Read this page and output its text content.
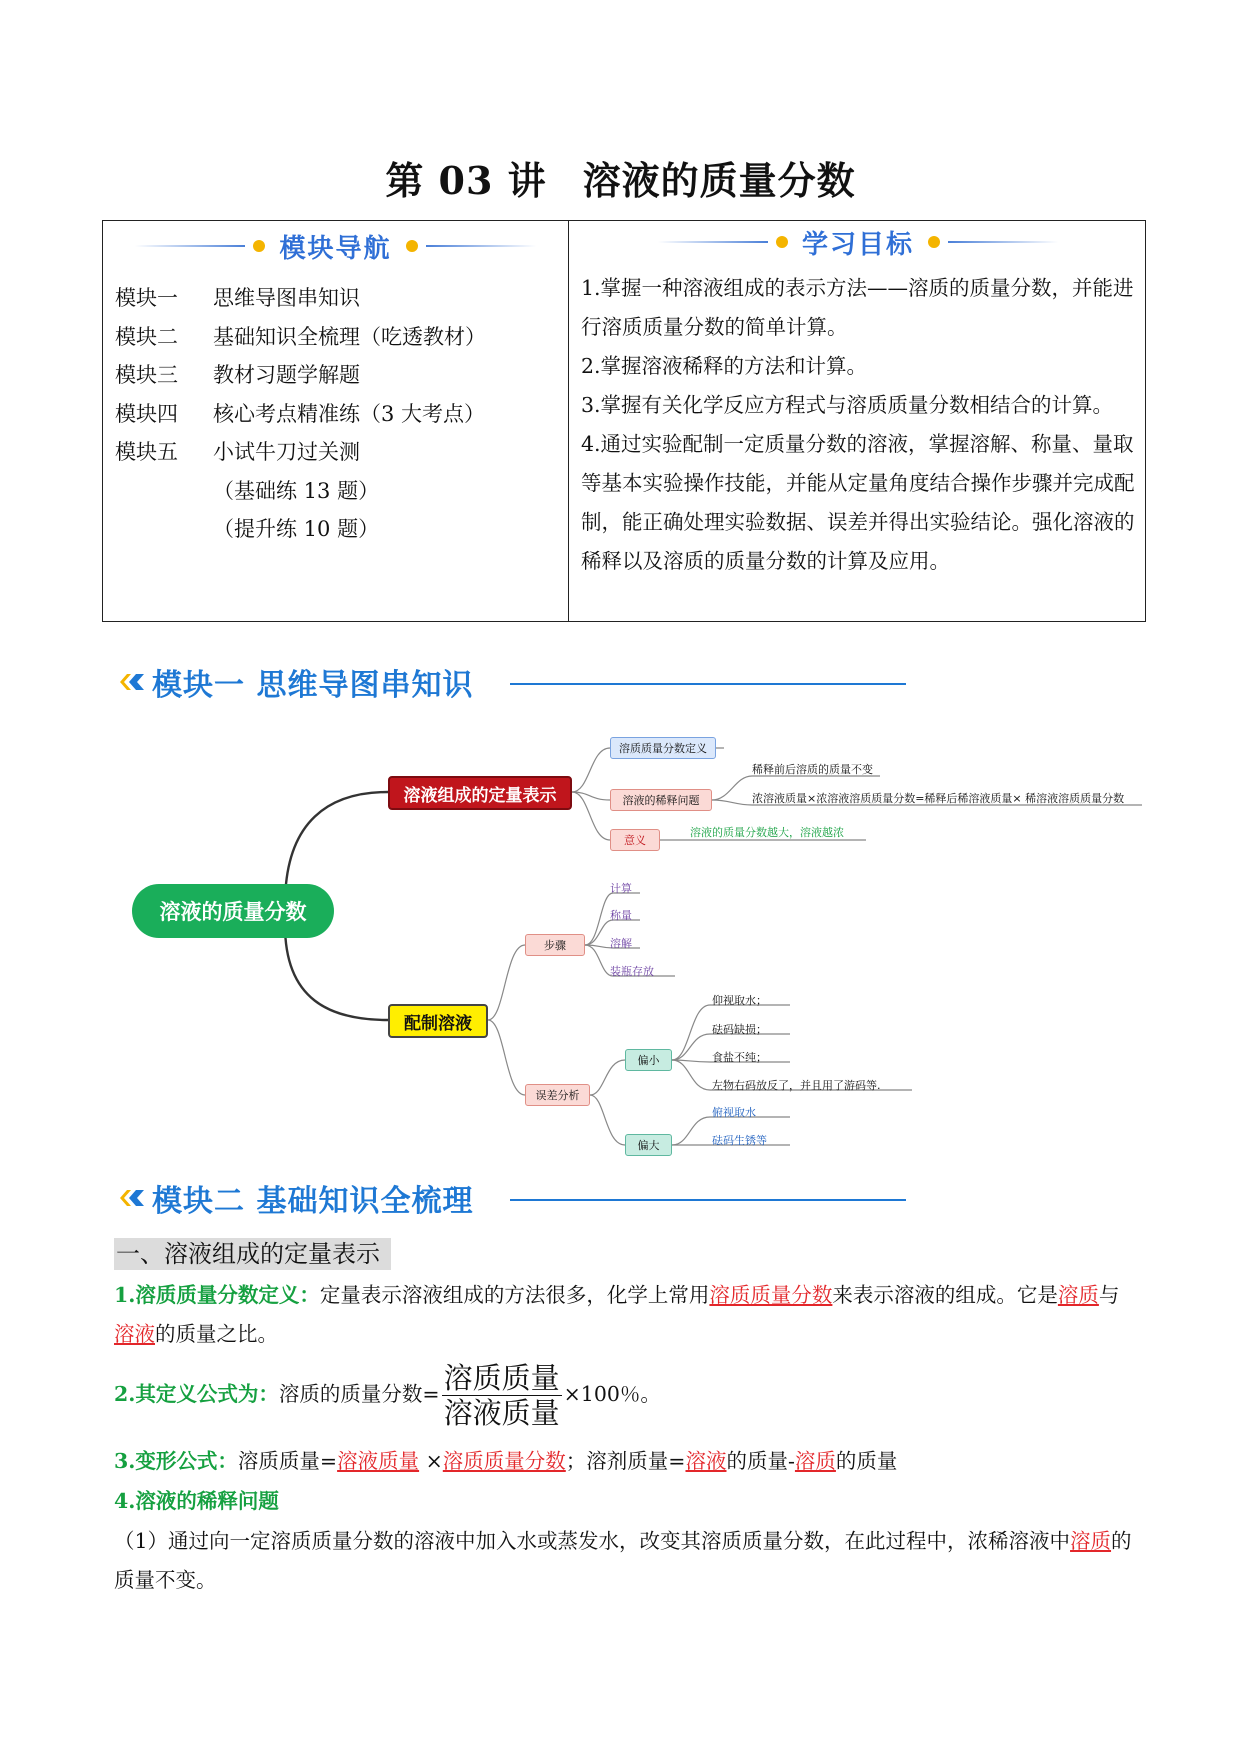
第 03 讲 溶液的质量分数
模块导航	学习目标
模块一	思维导图串知识
模块二	基础知识全梳理（吃透教材）
模块三	教材习题学解题
模块四	核心考点精准练（3 大考点）
模块五	小试牛刀过关测
（基础练 13 题）
（提升练 10 题）
1.掌握一种溶液组成的表示方法——溶质的质量分数，并能进行溶质质量分数的简单计算。
2.掌握溶液稀释的方法和计算。
3.掌握有关化学反应方程式与溶质质量分数相结合的计算。
4.通过实验配制一定质量分数的溶液，掌握溶解、称量、量取等基本实验操作技能，并能从定量角度结合操作步骤并完成配制，能正确处理实验数据、误差并得出实验结论。强化溶液的稀释以及溶质的质量分数的计算及应用。
模块一 思维导图串知识
溶液的质量分数
溶液组成的定量表示
溶质质量分数定义
溶液的稀释问题
意义
稀释前后溶质的质量不变
浓溶液质量×浓溶液溶质质量分数=稀释后稀溶液质量× 稀溶液溶质质量分数
溶液的质量分数越大，溶液越浓
配制溶液
步骤
计算
称量
溶解
装瓶存放
误差分析
偏小
偏大
仰视取水；
砝码缺损；
食盐不纯；
左物右码放反了，并且用了游码等.
俯视取水
砝码生锈等
模块二 基础知识全梳理
一、溶液组成的定量表示
1.溶质质量分数定义：定量表示溶液组成的方法很多，化学上常用溶质质量分数来表示溶液的组成。它是溶质与溶液的质量之比。
2.其定义公式为：溶质的质量分数= $\frac{\text{溶质质量}}{\text{溶液质量}} \times 100$％。
3.变形公式：溶质质量=溶液质量 ×溶质质量分数；溶剂质量=溶液的质量-溶质的质量
4.溶液的稀释问题
（1）通过向一定溶质质量分数的溶液中加入水或蒸发水，改变其溶质质量分数，在此过程中，浓稀溶液中溶质的质量不变。
